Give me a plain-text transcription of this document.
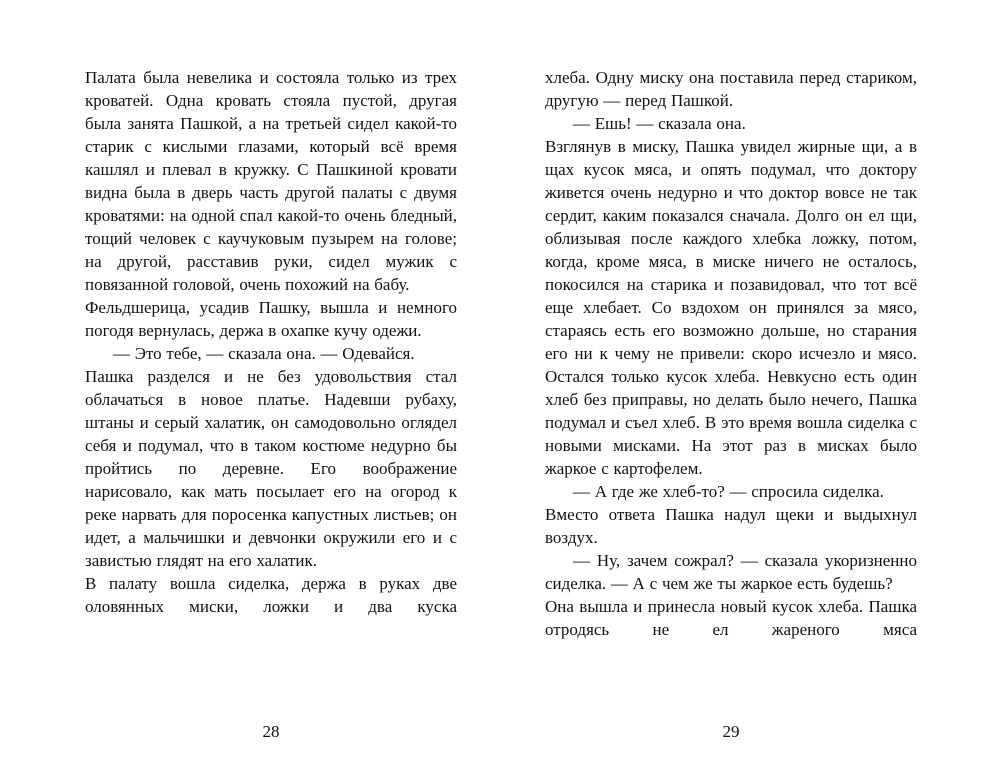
Палата была невелика и состояла только из трех кроватей. Одна кровать стояла пустой, другая была занята Пашкой, а на третьей сидел какой-то старик с кислыми глазами, который всё время кашлял и плевал в кружку. С Пашкиной кровати видна была в дверь часть другой палаты с двумя кроватями: на одной спал какой-то очень бледный, тощий человек с каучуковым пузырем на голове; на другой, расставив руки, сидел мужик с повязанной головой, очень похожий на бабу.

Фельдшерица, усадив Пашку, вышла и немного погодя вернулась, держа в охапке кучу одежи.

— Это тебе, — сказала она. — Одевайся.

Пашка разделся и не без удовольствия стал облачаться в новое платье. Надевши рубаху, штаны и серый халатик, он самодовольно оглядел себя и подумал, что в таком костюме недурно бы пройтись по деревне. Его воображение нарисовало, как мать посылает его на огород к реке нарвать для поросенка капустных листьев; он идет, а мальчишки и девчонки окружили его и с завистью глядят на его халатик.

В палату вошла сиделка, держа в руках две оловянных миски, ложки и два куска

28

хлеба. Одну миску она поставила перед стариком, другую — перед Пашкой.

— Ешь! — сказала она.

Взглянув в миску, Пашка увидел жирные щи, а в щах кусок мяса, и опять подумал, что доктору живется очень недурно и что доктор вовсе не так сердит, каким показался сначала. Долго он ел щи, облизывая после каждого хлебка ложку, потом, когда, кроме мяса, в миске ничего не осталось, покосился на старика и позавидовал, что тот всё еще хлебает. Со вздохом он принялся за мясо, стараясь есть его возможно дольше, но старания его ни к чему не привели: скоро исчезло и мясо. Остался только кусок хлеба. Невкусно есть один хлеб без приправы, но делать было нечего, Пашка подумал и съел хлеб. В это время вошла сиделка с новыми мисками. На этот раз в мисках было жаркое с картофелем.

— А где же хлеб-то? — спросила сиделка.

Вместо ответа Пашка надул щеки и выдыхнул воздух.

— Ну, зачем сожрал? — сказала укоризненно сиделка. — А с чем же ты жаркое есть будешь?

Она вышла и принесла новый кусок хлеба. Пашка отродясь не ел жареного мяса

29
